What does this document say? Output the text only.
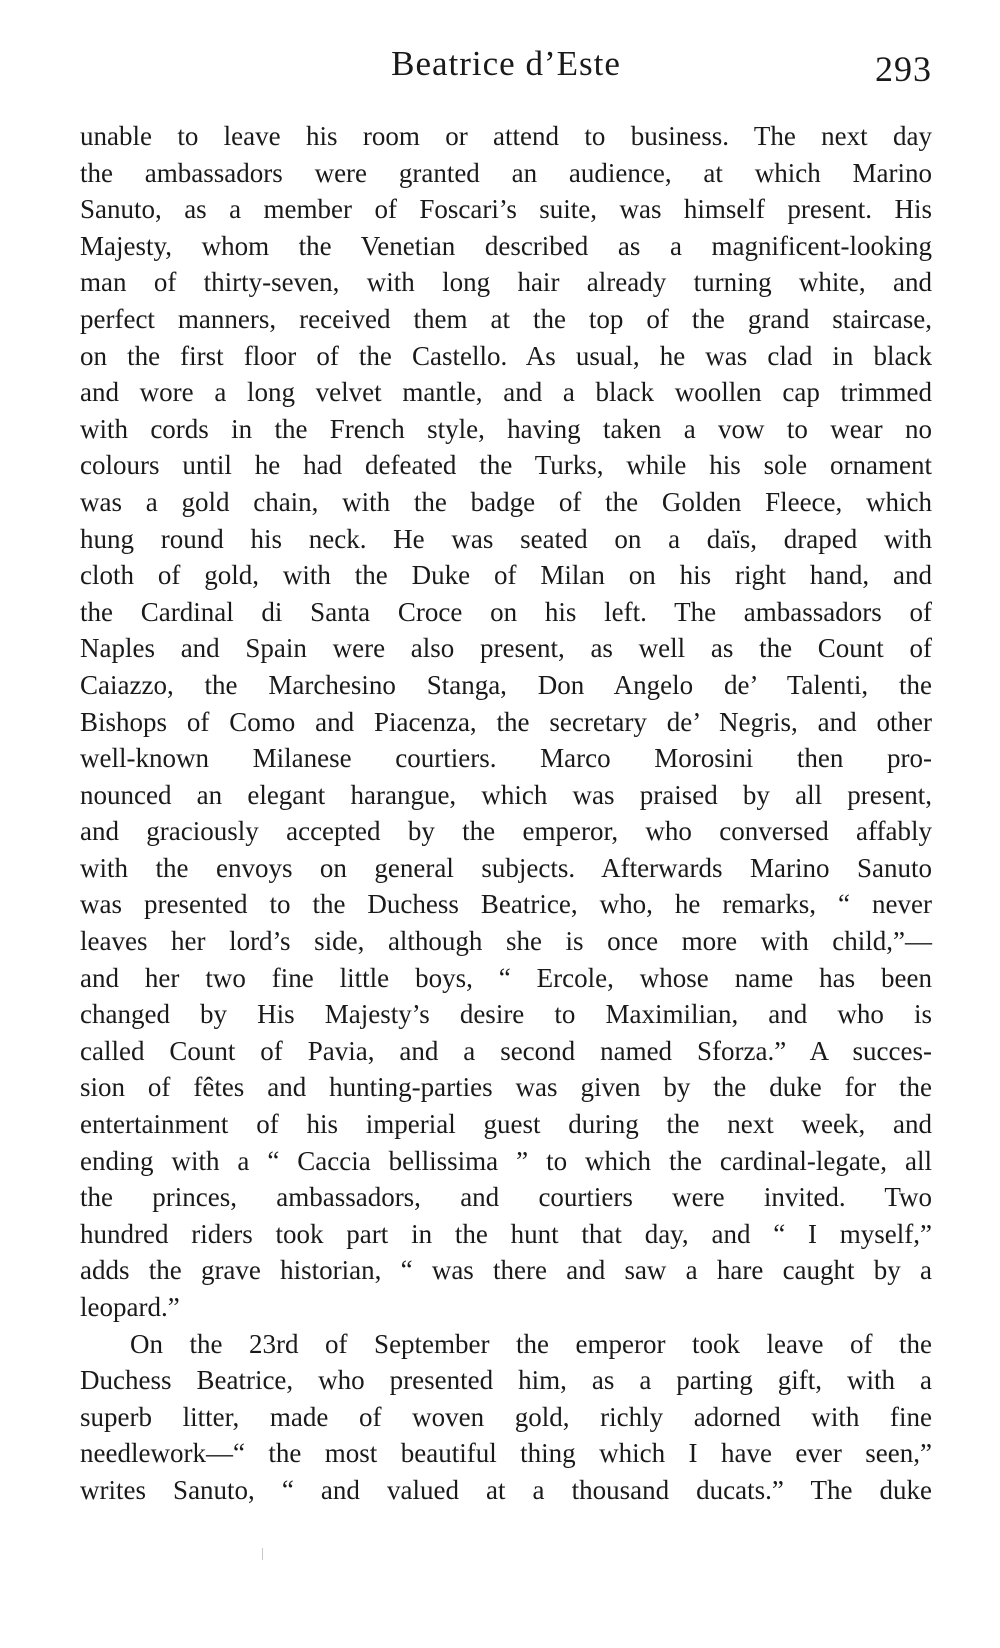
Beatrice d’Este	293
unable to leave his room or attend to business. The next day
the ambassadors were granted an audience, at which Marino
Sanuto, as a member of Foscari’s suite, was himself present. His
Majesty, whom the Venetian described as a magnificent-looking
man of thirty-seven, with long hair already turning white, and
perfect manners, received them at the top of the grand staircase,
on the first floor of the Castello. As usual, he was clad in black
and wore a long velvet mantle, and a black woollen cap trimmed
with cords in the French style, having taken a vow to wear no
colours until he had defeated the Turks, while his sole ornament
was a gold chain, with the badge of the Golden Fleece, which
hung round his neck. He was seated on a daïs, draped with
cloth of gold, with the Duke of Milan on his right hand, and
the Cardinal di Santa Croce on his left. The ambassadors of
Naples and Spain were also present, as well as the Count of
Caiazzo, the Marchesino Stanga, Don Angelo de’ Talenti, the
Bishops of Como and Piacenza, the secretary de’ Negris, and other
well-known Milanese courtiers. Marco Morosini then pro-
nounced an elegant harangue, which was praised by all present,
and graciously accepted by the emperor, who conversed affably
with the envoys on general subjects. Afterwards Marino Sanuto
was presented to the Duchess Beatrice, who, he remarks, “ never
leaves her lord’s side, although she is once more with child,”—
and her two fine little boys, “ Ercole, whose name has been
changed by His Majesty’s desire to Maximilian, and who is
called Count of Pavia, and a second named Sforza.” A succes-
sion of fêtes and hunting-parties was given by the duke for the
entertainment of his imperial guest during the next week, and
ending with a “ Caccia bellissima ” to which the cardinal-legate, all
the princes, ambassadors, and courtiers were invited. Two
hundred riders took part in the hunt that day, and “ I myself,”
adds the grave historian, “ was there and saw a hare caught by a
leopard.”
On the 23rd of September the emperor took leave of the
Duchess Beatrice, who presented him, as a parting gift, with a
superb litter, made of woven gold, richly adorned with fine
needlework—“ the most beautiful thing which I have ever seen,”
writes Sanuto, “ and valued at a thousand ducats.” The duke
